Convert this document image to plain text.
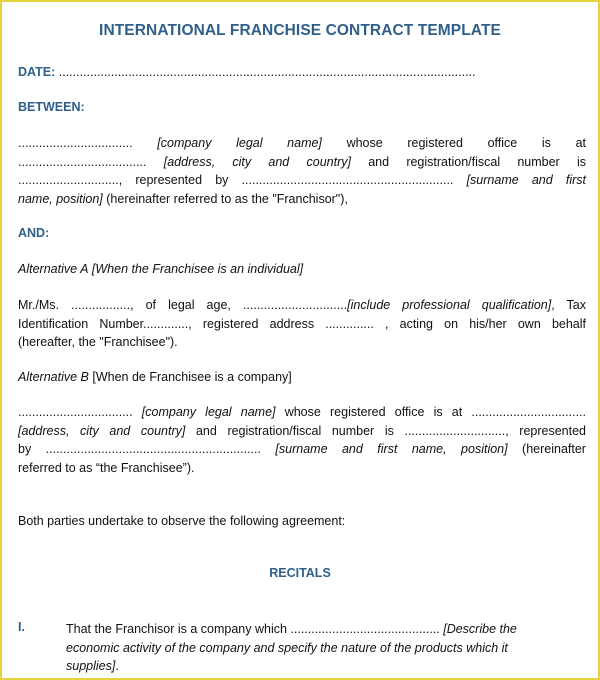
INTERNATIONAL FRANCHISE CONTRACT TEMPLATE
DATE: ........................................................................................................................
BETWEEN:
................................. [company legal name] whose registered office is at
..................................... [address, city and country] and registration/fiscal number is
............................., represented by ............................................................. [surname and first
name, position] (hereinafter referred to as the "Franchisor"),
AND:
Alternative A [When the Franchisee is an individual]
Mr./Ms. ................., of legal age, ..............................[include professional qualification], Tax
Identification Number............., registered address .............. , acting on his/her own behalf
(hereafter, the "Franchisee").
Alternative B [When de Franchisee is a company]
................................. [company legal name] whose registered office is at .................................
[address, city and country] and registration/fiscal number is ............................., represented
by .............................................................. [surname and first name, position] (hereinafter
referred to as “the Franchisee”).
Both parties undertake to observe the following agreement:
RECITALS
I.	That the Franchisor is a company which ........................................... [Describe the economic activity of the company and specify the nature of the products which it supplies].
